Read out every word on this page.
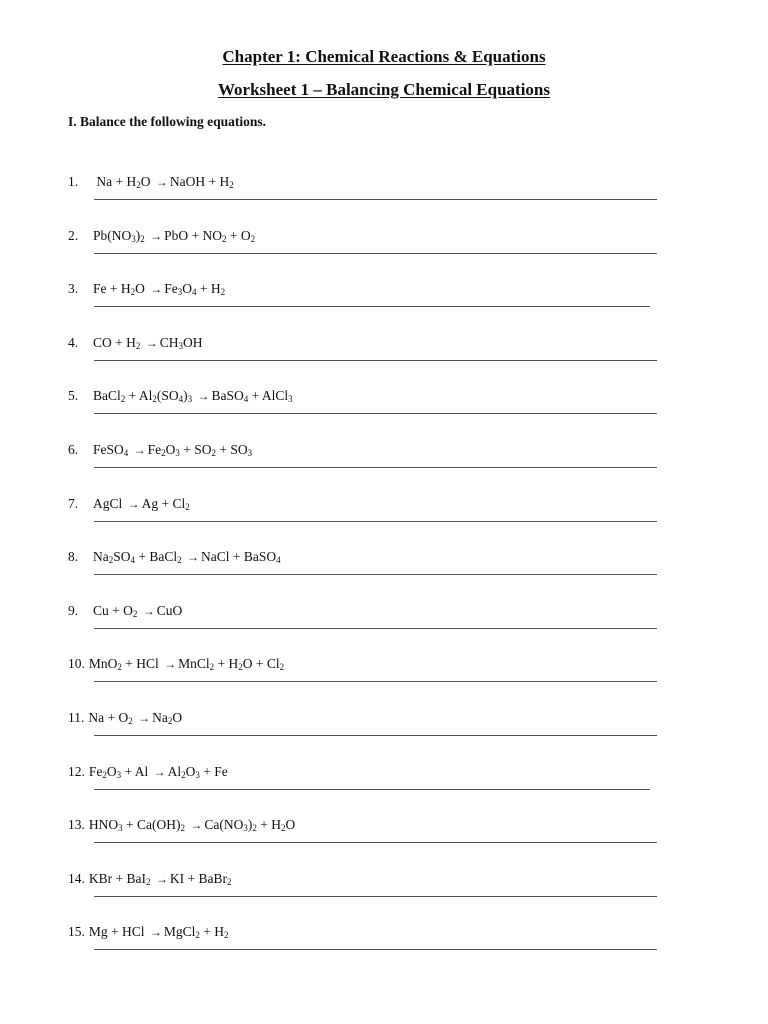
Chapter 1: Chemical Reactions & Equations
Worksheet 1 – Balancing Chemical Equations
I. Balance the following equations.
1. $Na + H_2O$ → NaOH + $H_2$
2. $Pb(NO_3)_2$ → PbO + $NO_2 + O_2$
3. $Fe + H_2O \to Fe_3O_4 + H_2$
4. CO + $H_2 \to CH_3OH$
5. BaCl$_2$ + $Al_2(SO_4)_3$ → BaSO$_4$ + AlCl$_3$
6. FeSO$_4$ → $Fe_2O_3 + SO_2 + SO_3$
7. AgCl → $Ag + Cl_2$
8. $Na_2SO_4$ + BaCl$_2$ → NaCl + BaSO$_4$
9. $Cu + O_2$ → CuO
10. MnO$_2$ + HCl → MnCl$_2$ + $H_2O + Cl_2$
11. $Na + O_2 \to Na_2O$
12. $Fe_2O_3 + Al \to Al_2O_3 + Fe$
13. $HNO_3 + Ca(OH)_2 \to Ca(NO_3)_2 + H_2O$
14. KBr + BaI$_2$ → KI + BaBr$_2$
15. Mg + HCl → MgCl$_2$ + $H_2$
